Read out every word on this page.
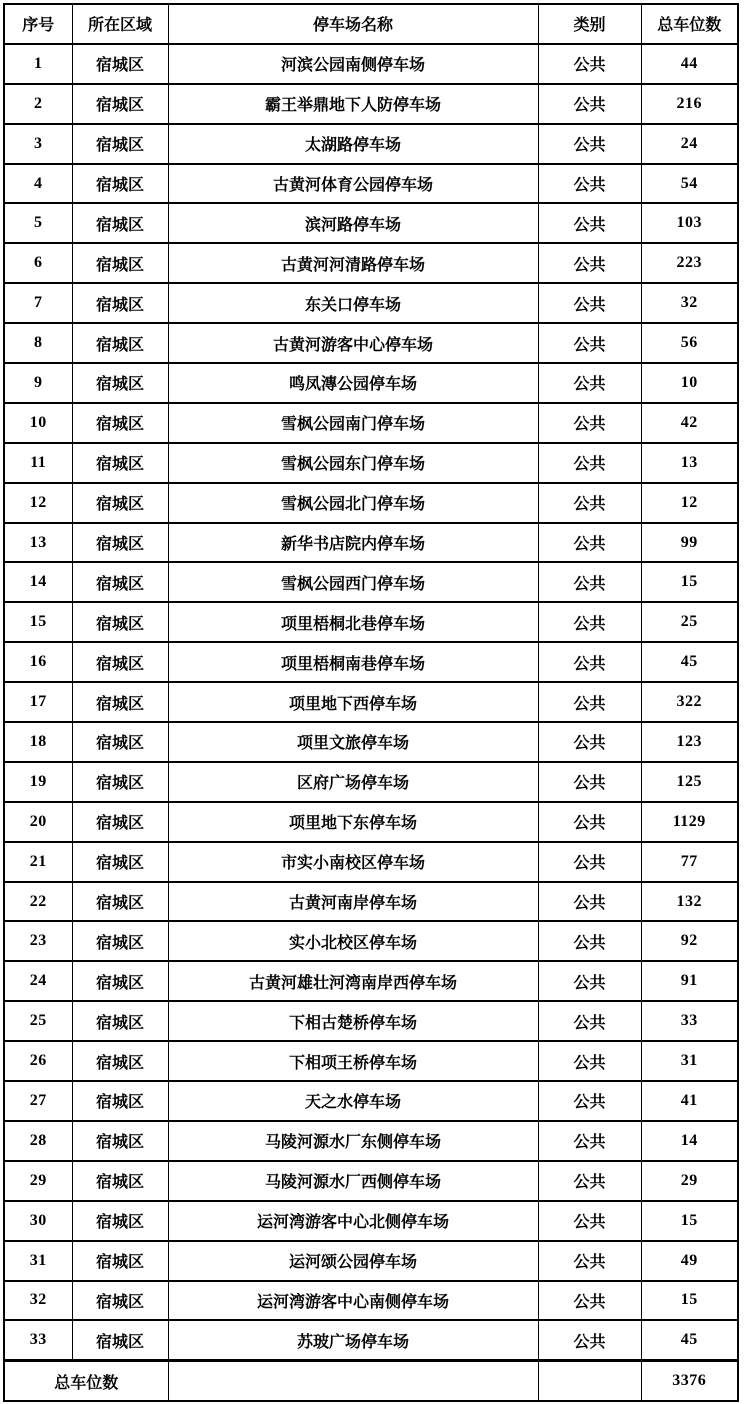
序号	所在区域	停车场名称	类别	总车位数
1	宿城区	河滨公园南侧停车场	公共	44
2	宿城区	霸王举鼎地下人防停车场	公共	216
3	宿城区	太湖路停车场	公共	24
4	宿城区	古黄河体育公园停车场	公共	54
5	宿城区	滨河路停车场	公共	103
6	宿城区	古黄河河清路停车场	公共	223
7	宿城区	东关口停车场	公共	32
8	宿城区	古黄河游客中心停车场	公共	56
9	宿城区	鸣凤漙公园停车场	公共	10
10	宿城区	雪枫公园南门停车场	公共	42
11	宿城区	雪枫公园东门停车场	公共	13
12	宿城区	雪枫公园北门停车场	公共	12
13	宿城区	新华书店院内停车场	公共	99
14	宿城区	雪枫公园西门停车场	公共	15
15	宿城区	项里梧桐北巷停车场	公共	25
16	宿城区	项里梧桐南巷停车场	公共	45
17	宿城区	项里地下西停车场	公共	322
18	宿城区	项里文旅停车场	公共	123
19	宿城区	区府广场停车场	公共	125
20	宿城区	项里地下东停车场	公共	1129
21	宿城区	市实小南校区停车场	公共	77
22	宿城区	古黄河南岸停车场	公共	132
23	宿城区	实小北校区停车场	公共	92
24	宿城区	古黄河雄壮河湾南岸西停车场	公共	91
25	宿城区	下相古楚桥停车场	公共	33
26	宿城区	下相项王桥停车场	公共	31
27	宿城区	天之水停车场	公共	41
28	宿城区	马陵河源水厂东侧停车场	公共	14
29	宿城区	马陵河源水厂西侧停车场	公共	29
30	宿城区	运河湾游客中心北侧停车场	公共	15
31	宿城区	运河颂公园停车场	公共	49
32	宿城区	运河湾游客中心南侧停车场	公共	15
33	宿城区	苏玻广场停车场	公共	45
总车位数				3376
